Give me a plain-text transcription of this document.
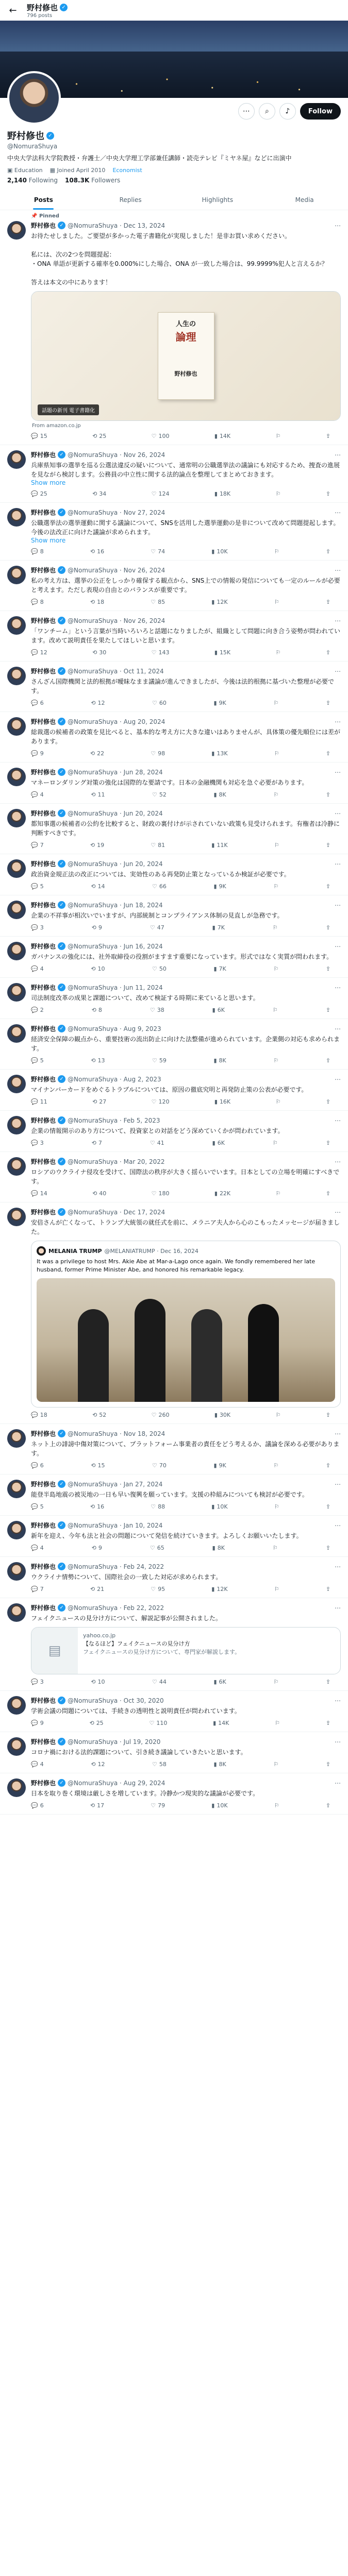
←	野村修也 ✓
796 posts
⋯	⌕	♪	Follow
野村修也 ✓
@NomuraShuya
中央大学法科大学院教授・弁護士／中央大学理工学部兼任講師・読売テレビ『ミヤネ屋』などに出演中
▣ Education ▦ Joined April 2010 Economist
2,140 Following 108.3K Followers
Posts	Replies	Highlights	Media
📌 Pinned
野村修也 ✓ @NomuraShuya · Dec 13, 2024	⋯
お待たせしました。ご要望が多かった電子書籍化が実現しました！是非お買い求めください。

私には、次の2つを問題提起：
・ONA 単語が更新する確率を0.000%にした場合、ONA が一致した場合は、99.9999%犯人と言えるか？

答えは本文の中にあります！
人生の
論理
野村修也
話題の新刊 電子書籍化
From amazon.co.jp
💬 15	⟲ 25	♡ 100	▮ 14K	⚐	⇪
野村修也 ✓ @NomuraShuya · Nov 26, 2024	⋯
兵庫県知事の選挙を巡る公選法違反の疑いについて、通常明の公職選挙法の議論にも対応するため、捜査の進展を見ながら検討します。公務員の中立性に関する法的論点を整理してまとめておきます。
Show more
💬 25	⟲ 34	♡ 124	▮ 18K	⚐	⇪
野村修也 ✓ @NomuraShuya · Nov 27, 2024	⋯
公職選挙法の選挙運動に関する議論について、SNSを活用した選挙運動の是非について改めて問題提起します。今後の法改正に向けた議論が求められます。
Show more
💬 8	⟲ 16	♡ 74	▮ 10K	⚐	⇪
野村修也 ✓ @NomuraShuya · Nov 26, 2024	⋯
私の考え方は、選挙の公正をしっかり確保する観点から、SNS上での情報の発信についても一定のルールが必要と考えます。ただし表現の自由とのバランスが重要です。
💬 8	⟲ 18	♡ 85	▮ 12K	⚐	⇪
野村修也 ✓ @NomuraShuya · Nov 26, 2024	⋯
「ワンチーム」という言葉が当時いろいろと話題になりましたが、組織として問題に向き合う姿勢が問われています。改めて説明責任を果たしてほしいと思います。
💬 12	⟲ 30	♡ 143	▮ 15K	⚐	⇪
野村修也 ✓ @NomuraShuya · Oct 11, 2024	⋯
さんざん国際機関と法的根拠が曖昧なまま議論が進んできましたが、今後は法的根拠に基づいた整理が必要です。
💬 6	⟲ 12	♡ 60	▮ 9K	⚐	⇪
野村修也 ✓ @NomuraShuya · Aug 20, 2024	⋯
総裁選の候補者の政策を見比べると、基本的な考え方に大きな違いはありませんが、具体策の優先順位には差があります。
💬 9	⟲ 22	♡ 98	▮ 13K	⚐	⇪
野村修也 ✓ @NomuraShuya · Jun 28, 2024	⋯
マネーロンダリング対策の強化は国際的な要請です。日本の金融機関も対応を急ぐ必要があります。
💬 4	⟲ 11	♡ 52	▮ 8K	⚐	⇪
野村修也 ✓ @NomuraShuya · Jun 20, 2024	⋯
都知事選の候補者の公約を比較すると、財政の裏付けが示されていない政策も見受けられます。有権者は冷静に判断すべきです。
💬 7	⟲ 19	♡ 81	▮ 11K	⚐	⇪
野村修也 ✓ @NomuraShuya · Jun 20, 2024	⋯
政治資金規正法の改正については、実効性のある再発防止策となっているか検証が必要です。
💬 5	⟲ 14	♡ 66	▮ 9K	⚐	⇪
野村修也 ✓ @NomuraShuya · Jun 18, 2024	⋯
企業の不祥事が相次いでいますが、内部統制とコンプライアンス体制の見直しが急務です。
💬 3	⟲ 9	♡ 47	▮ 7K	⚐	⇪
野村修也 ✓ @NomuraShuya · Jun 16, 2024	⋯
ガバナンスの強化には、社外取締役の役割がますます重要になっています。形式ではなく実質が問われます。
💬 4	⟲ 10	♡ 50	▮ 7K	⚐	⇪
野村修也 ✓ @NomuraShuya · Jun 11, 2024	⋯
司法制度改革の成果と課題について、改めて検証する時期に来ていると思います。
💬 2	⟲ 8	♡ 38	▮ 6K	⚐	⇪
野村修也 ✓ @NomuraShuya · Aug 9, 2023	⋯
経済安全保障の観点から、重要技術の流出防止に向けた法整備が進められています。企業側の対応も求められます。
💬 5	⟲ 13	♡ 59	▮ 8K	⚐	⇪
野村修也 ✓ @NomuraShuya · Aug 2, 2023	⋯
マイナンバーカードをめぐるトラブルについては、原因の徹底究明と再発防止策の公表が必要です。
💬 11	⟲ 27	♡ 120	▮ 16K	⚐	⇪
野村修也 ✓ @NomuraShuya · Feb 5, 2023	⋯
企業の情報開示のあり方について、投資家との対話をどう深めていくかが問われています。
💬 3	⟲ 7	♡ 41	▮ 6K	⚐	⇪
野村修也 ✓ @NomuraShuya · Mar 20, 2022	⋯
ロシアのウクライナ侵攻を受けて、国際法の秩序が大きく揺らいでいます。日本としての立場を明確にすべきです。
💬 14	⟲ 40	♡ 180	▮ 22K	⚐	⇪
野村修也 ✓ @NomuraShuya · Dec 17, 2024	⋯
安倍さんが亡くなって、トランプ大統領の就任式を前に、メラニア夫人から心のこもったメッセージが届きました。
MELANIA TRUMP @MELANIATRUMP · Dec 16, 2024
It was a privilege to host Mrs. Akie Abe at Mar-a-Lago once again. We fondly remembered her late husband, former Prime Minister Abe, and honored his remarkable legacy.
💬 18	⟲ 52	♡ 260	▮ 30K	⚐	⇪
野村修也 ✓ @NomuraShuya · Nov 18, 2024	⋯
ネット上の誹謗中傷対策について、プラットフォーム事業者の責任をどう考えるか、議論を深める必要があります。
💬 6	⟲ 15	♡ 70	▮ 9K	⚐	⇪
野村修也 ✓ @NomuraShuya · Jan 27, 2024	⋯
能登半島地震の被災地の一日も早い復興を願っています。支援の枠組みについても検討が必要です。
💬 5	⟲ 16	♡ 88	▮ 10K	⚐	⇪
野村修也 ✓ @NomuraShuya · Jan 10, 2024	⋯
新年を迎え、今年も法と社会の問題について発信を続けていきます。よろしくお願いいたします。
💬 4	⟲ 9	♡ 65	▮ 8K	⚐	⇪
野村修也 ✓ @NomuraShuya · Feb 24, 2022	⋯
ウクライナ情勢について、国際社会の一致した対応が求められます。
💬 7	⟲ 21	♡ 95	▮ 12K	⚐	⇪
野村修也 ✓ @NomuraShuya · Feb 22, 2022	⋯
フェイクニュースの見分け方について、解説記事が公開されました。
▤
yahoo.co.jp
【なるほど】フェイクニュースの見分け方
フェイクニュースの見分け方について、専門家が解説します。
💬 3	⟲ 10	♡ 44	▮ 6K	⚐	⇪
野村修也 ✓ @NomuraShuya · Oct 30, 2020	⋯
学術会議の問題については、手続きの透明性と説明責任が問われています。
💬 9	⟲ 25	♡ 110	▮ 14K	⚐	⇪
野村修也 ✓ @NomuraShuya · Jul 19, 2020	⋯
コロナ禍における法的課題について、引き続き議論していきたいと思います。
💬 4	⟲ 12	♡ 58	▮ 8K	⚐	⇪
野村修也 ✓ @NomuraShuya · Aug 29, 2024	⋯
日本を取り巻く環境は厳しさを増しています。冷静かつ現実的な議論が必要です。
💬 6	⟲ 17	♡ 79	▮ 10K	⚐	⇪
